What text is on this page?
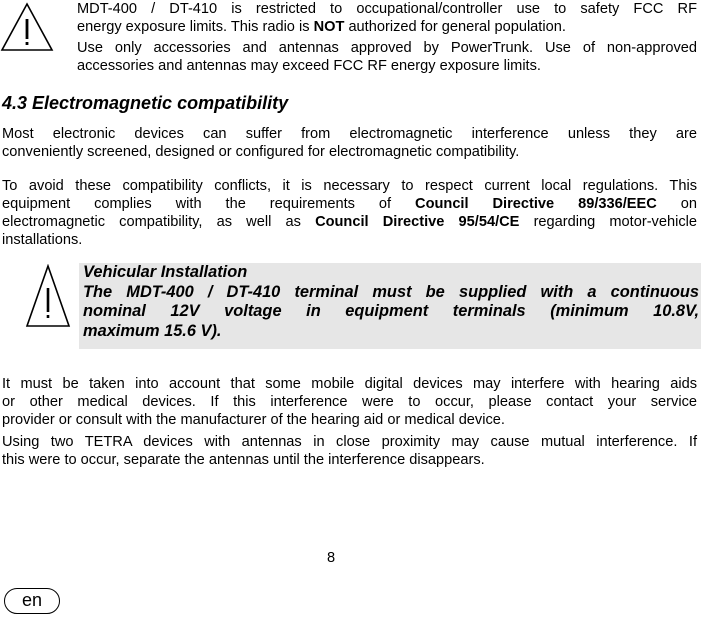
MDT-400 / DT-410 is restricted to occupational/controller use to safety FCC RF

energy exposure limits. This radio is NOT authorized for general population.

Use only accessories and antennas approved by PowerTrunk. Use of non-approved

accessories and antennas may exceed FCC RF energy exposure limits.

4.3 Electromagnetic compatibility

Most electronic devices can suffer from electromagnetic interference unless they are

conveniently screened, designed or configured for electromagnetic compatibility.

To avoid these compatibility conflicts, it is necessary to respect current local regulations. This

equipment complies with the requirements of Council Directive 89/336/EEC on

electromagnetic compatibility, as well as Council Directive 95/54/CE regarding motor-vehicle

installations.

Vehicular Installation

The MDT-400 / DT-410 terminal must be supplied with a continuous

nominal 12V voltage in equipment terminals (minimum 10.8V,

maximum 15.6 V).

It must be taken into account that some mobile digital devices may interfere with hearing aids

or other medical devices. If this interference were to occur, please contact your service

provider or consult with the manufacturer of the hearing aid or medical device.

Using two TETRA devices with antennas in close proximity may cause mutual interference. If

this were to occur, separate the antennas until the interference disappears.

8
en
